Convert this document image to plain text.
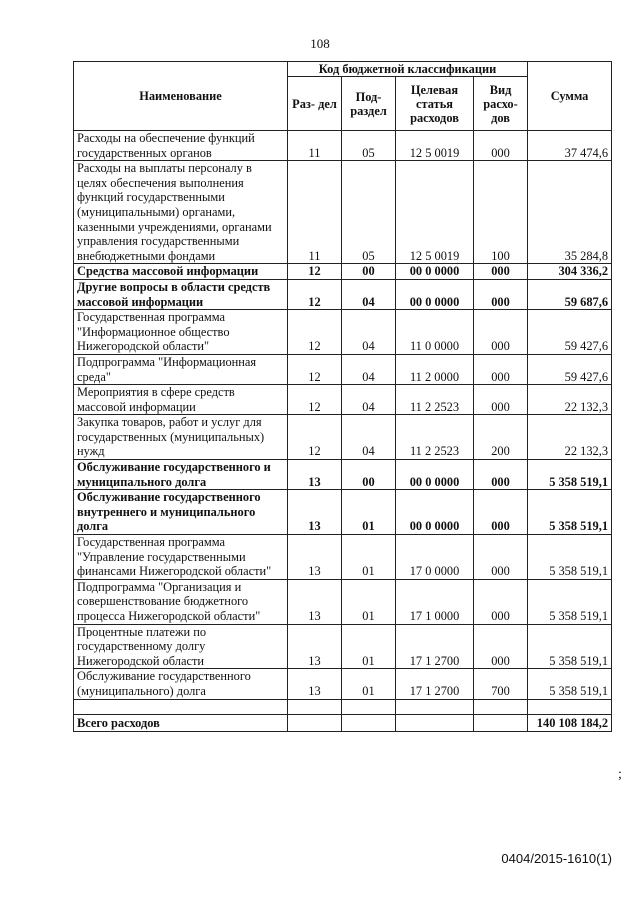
108
Наименование	Код бюджетной классификации				Сумма
	Раз- дел	Под- раздел	Целевая статья расходов	Вид расхо- дов	
Расходы на обеспечение функций государственных органов	11	05	12 5 0019	000	37 474,6
Расходы на выплаты персоналу в целях обеспечения выполнения функций государственными (муниципальными) органами, казенными учреждениями, органами управления государственными внебюджетными фондами	11	05	12 5 0019	100	35 284,8
Средства массовой информации	12	00	00 0 0000	000	304 336,2
Другие вопросы в области средств массовой информации	12	04	00 0 0000	000	59 687,6
Государственная программа "Информационное общество Нижегородской области"	12	04	11 0 0000	000	59 427,6
Подпрограмма "Информационная среда"	12	04	11 2 0000	000	59 427,6
Мероприятия в сфере средств массовой информации	12	04	11 2 2523	000	22 132,3
Закупка товаров, работ и услуг для государственных (муниципальных) нужд	12	04	11 2 2523	200	22 132,3
Обслуживание государственного и муниципального долга	13	00	00 0 0000	000	5 358 519,1
Обслуживание государственного внутреннего и муниципального долга	13	01	00 0 0000	000	5 358 519,1
Государственная программа "Управление государственными финансами Нижегородской области"	13	01	17 0 0000	000	5 358 519,1
Подпрограмма "Организация и совершенствование бюджетного процесса Нижегородской области"	13	01	17 1 0000	000	5 358 519,1
Процентные платежи по государственному долгу Нижегородской области	13	01	17 1 2700	000	5 358 519,1
Обслуживание государственного (муниципального) долга	13	01	17 1 2700	700	5 358 519,1

Всего расходов					140 108 184,2
;
0404/2015-1610(1)
